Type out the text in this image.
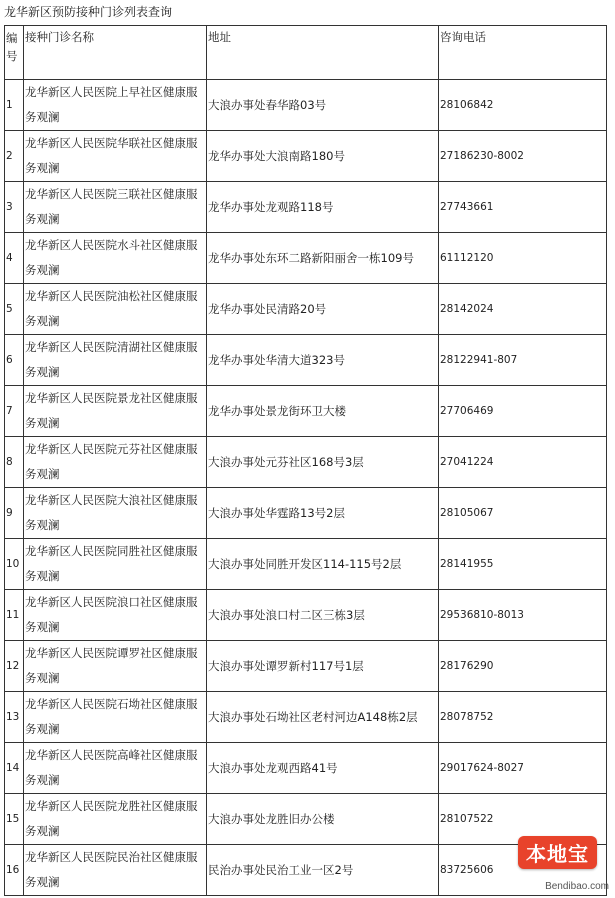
龙华新区预防接种门诊列表查询
编号	接种门诊名称	地址	咨询电话
1	龙华新区人民医院上早社区健康服务观澜	大浪办事处春华路03号	28106842
2	龙华新区人民医院华联社区健康服务观澜	龙华办事处大浪南路180号	27186230-8002
3	龙华新区人民医院三联社区健康服务观澜	龙华办事处龙观路118号	27743661
4	龙华新区人民医院水斗社区健康服务观澜	龙华办事处东环二路新阳丽舍一栋109号	61112120
5	龙华新区人民医院油松社区健康服务观澜	龙华办事处民清路20号	28142024
6	龙华新区人民医院清湖社区健康服务观澜	龙华办事处华清大道323号	28122941-807
7	龙华新区人民医院景龙社区健康服务观澜	龙华办事处景龙街环卫大楼	27706469
8	龙华新区人民医院元芬社区健康服务观澜	大浪办事处元芬社区168号3层	27041224
9	龙华新区人民医院大浪社区健康服务观澜	大浪办事处华霆路13号2层	28105067
10	龙华新区人民医院同胜社区健康服务观澜	大浪办事处同胜开发区114-115号2层	28141955
11	龙华新区人民医院浪口社区健康服务观澜	大浪办事处浪口村二区三栋3层	29536810-8013
12	龙华新区人民医院谭罗社区健康服务观澜	大浪办事处谭罗新村117号1层	28176290
13	龙华新区人民医院石坳社区健康服务观澜	大浪办事处石坳社区老村河边A148栋2层	28078752
14	龙华新区人民医院高峰社区健康服务观澜	大浪办事处龙观西路41号	29017624-8027
15	龙华新区人民医院龙胜社区健康服务观澜	大浪办事处龙胜旧办公楼	28107522
16	龙华新区人民医院民治社区健康服务观澜	民治办事处民治工业一区2号	83725606
本地宝
Bendibao.com
